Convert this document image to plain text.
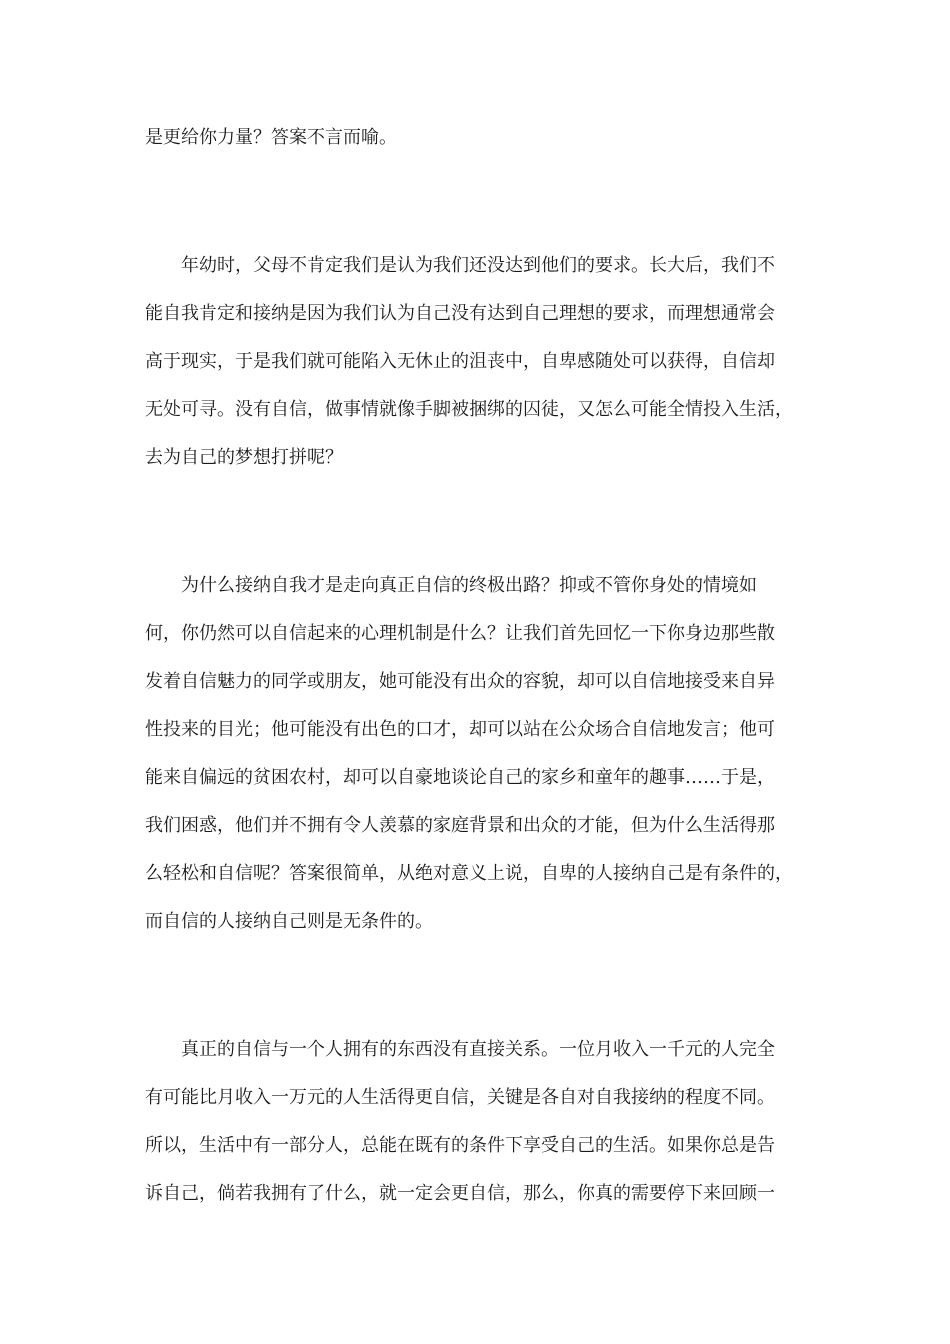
是更给你力量？答案不言而喻。
年幼时，父母不肯定我们是认为我们还没达到他们的要求。长大后，我们不
能自我肯定和接纳是因为我们认为自己没有达到自己理想的要求，而理想通常会
高于现实，于是我们就可能陷入无休止的沮丧中，自卑感随处可以获得，自信却
无处可寻。没有自信，做事情就像手脚被捆绑的囚徒，又怎么可能全情投入生活，
去为自己的梦想打拼呢？
为什么接纳自我才是走向真正自信的终极出路？抑或不管你身处的情境如
何，你仍然可以自信起来的心理机制是什么？让我们首先回忆一下你身边那些散
发着自信魅力的同学或朋友，她可能没有出众的容貌，却可以自信地接受来自异
性投来的目光；他可能没有出色的口才，却可以站在公众场合自信地发言；他可
能来自偏远的贫困农村，却可以自豪地谈论自己的家乡和童年的趣事……于是，
我们困惑，他们并不拥有令人羡慕的家庭背景和出众的才能，但为什么生活得那
么轻松和自信呢？答案很简单，从绝对意义上说，自卑的人接纳自己是有条件的，
而自信的人接纳自己则是无条件的。
真正的自信与一个人拥有的东西没有直接关系。一位月收入一千元的人完全
有可能比月收入一万元的人生活得更自信，关键是各自对自我接纳的程度不同。
所以，生活中有一部分人，总能在既有的条件下享受自己的生活。如果你总是告
诉自己，倘若我拥有了什么，就一定会更自信，那么，你真的需要停下来回顾一
